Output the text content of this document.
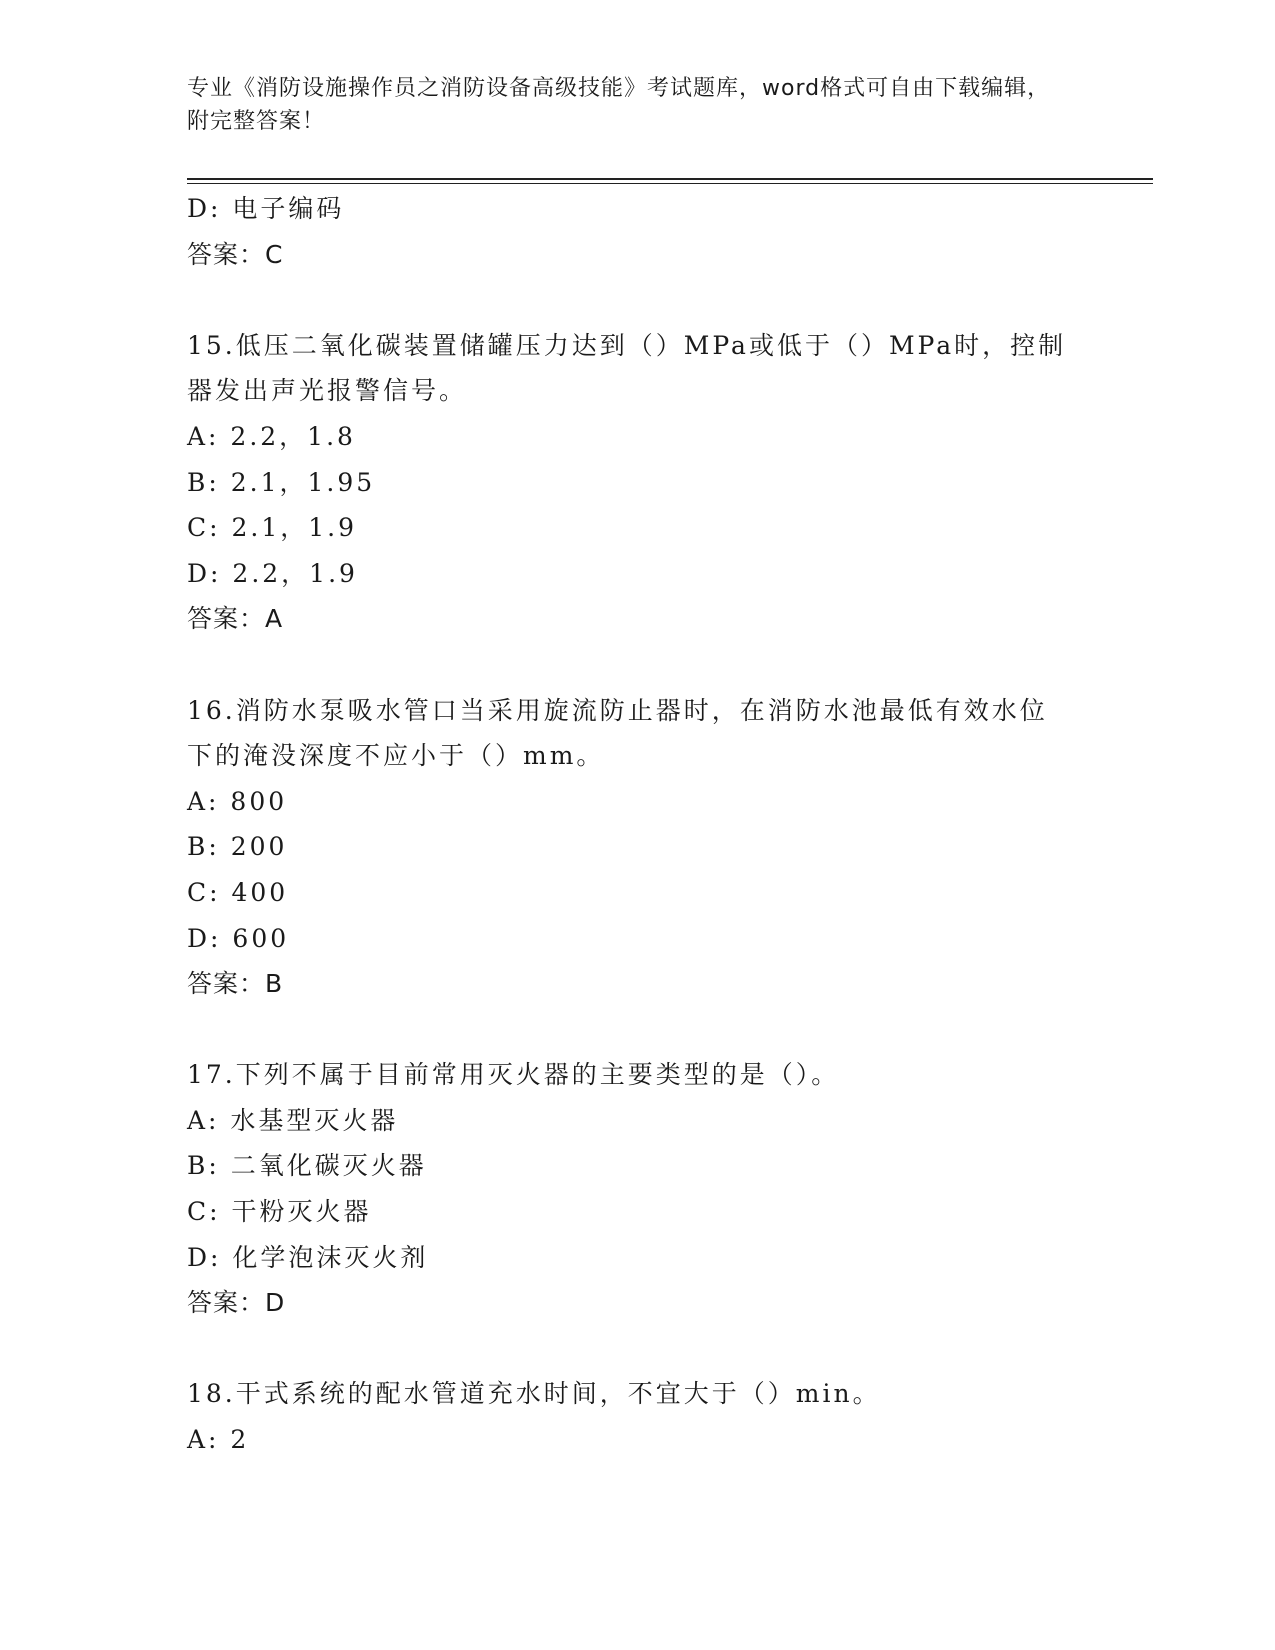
专业《消防设施操作员之消防设备高级技能》考试题库，word格式可自由下载编辑，附完整答案！
D: 电子编码
答案：C
15.低压二氧化碳装置储罐压力达到（）MPa或低于（）MPa时，控制
器发出声光报警信号。
A: 2.2，1.8
B: 2.1，1.95
C: 2.1，1.9
D: 2.2，1.9
答案：A
16.消防水泵吸水管口当采用旋流防止器时，在消防水池最低有效水位
下的淹没深度不应小于（）mm。
A: 800
B: 200
C: 400
D: 600
答案：B
17.下列不属于目前常用灭火器的主要类型的是（）。
A: 水基型灭火器
B: 二氧化碳灭火器
C: 干粉灭火器
D: 化学泡沫灭火剂
答案：D
18.干式系统的配水管道充水时间，不宜大于（）min。
A: 2
